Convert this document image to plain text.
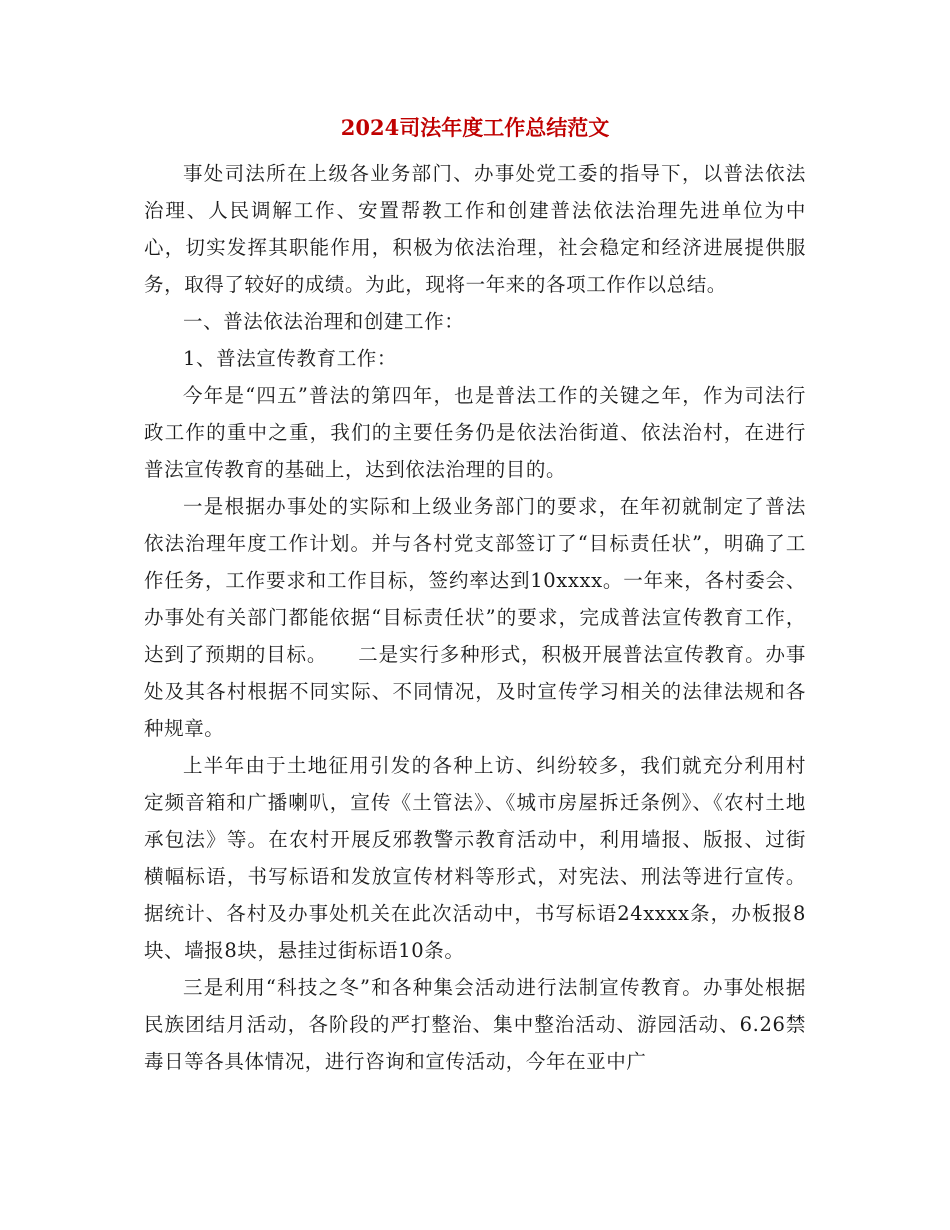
2024司法年度工作总结范文

事处司法所在上级各业务部门、办事处党工委的指导下，以普法依法治理、人民调解工作、安置帮教工作和创建普法依法治理先进单位为中心，切实发挥其职能作用，积极为依法治理，社会稳定和经济进展提供服务，取得了较好的成绩。为此，现将一年来的各项工作作以总结。

一、普法依法治理和创建工作：

1、普法宣传教育工作：

今年是“四五”普法的第四年，也是普法工作的关键之年，作为司法行政工作的重中之重，我们的主要任务仍是依法治街道、依法治村，在进行普法宣传教育的基础上，达到依法治理的目的。

一是根据办事处的实际和上级业务部门的要求，在年初就制定了普法依法治理年度工作计划。并与各村党支部签订了“目标责任状”，明确了工作任务，工作要求和工作目标，签约率达到10xxxx。一年来，各村委会、办事处有关部门都能依据“目标责任状”的要求，完成普法宣传教育工作，达到了预期的目标。　　二是实行多种形式，积极开展普法宣传教育。办事处及其各村根据不同实际、不同情况，及时宣传学习相关的法律法规和各种规章。

上半年由于土地征用引发的各种上访、纠纷较多，我们就充分利用村定频音箱和广播喇叭，宣传《土管法》、《城市房屋拆迁条例》、《农村土地承包法》等。在农村开展反邪教警示教育活动中，利用墙报、版报、过街横幅标语，书写标语和发放宣传材料等形式，对宪法、刑法等进行宣传。据统计、各村及办事处机关在此次活动中，书写标语24xxxx条，办板报8块、墙报8块，悬挂过街标语10条。

三是利用“科技之冬”和各种集会活动进行法制宣传教育。办事处根据民族团结月活动，各阶段的严打整治、集中整治活动、游园活动、6.26禁毒日等各具体情况，进行咨询和宣传活动，今年在亚中广
